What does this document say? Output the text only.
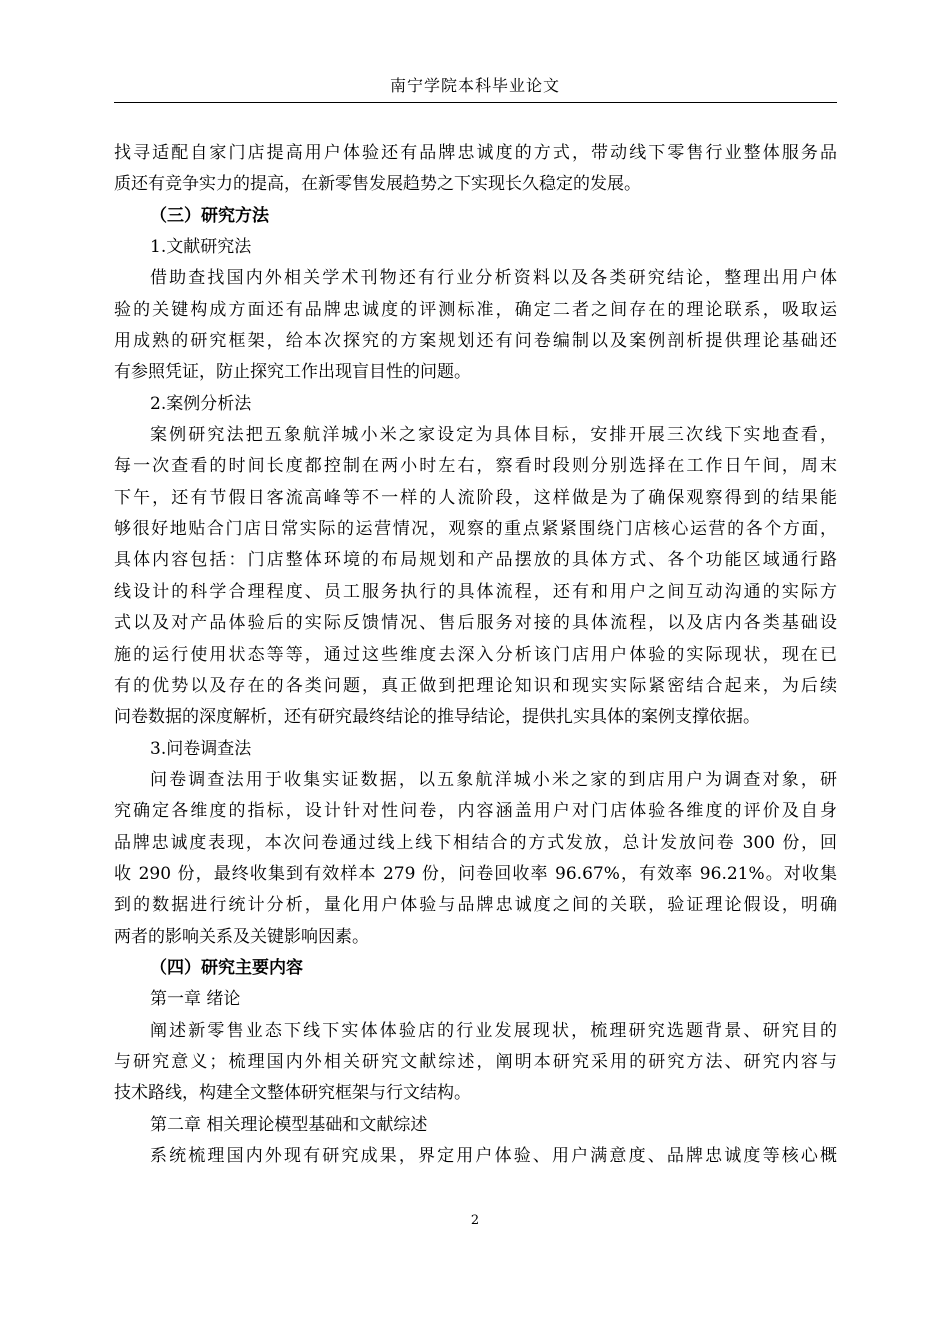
南宁学院本科毕业论文
找寻适配自家门店提高用户体验还有品牌忠诚度的方式，带动线下零售行业整体服务品
质还有竞争实力的提高，在新零售发展趋势之下实现长久稳定的发展。
（三）研究方法
1.文献研究法
借助查找国内外相关学术刊物还有行业分析资料以及各类研究结论，整理出用户体
验的关键构成方面还有品牌忠诚度的评测标准，确定二者之间存在的理论联系，吸取运
用成熟的研究框架，给本次探究的方案规划还有问卷编制以及案例剖析提供理论基础还
有参照凭证，防止探究工作出现盲目性的问题。
2.案例分析法
案例研究法把五象航洋城小米之家设定为具体目标，安排开展三次线下实地查看，
每一次查看的时间长度都控制在两小时左右，察看时段则分别选择在工作日午间，周末
下午，还有节假日客流高峰等不一样的人流阶段，这样做是为了确保观察得到的结果能
够很好地贴合门店日常实际的运营情况，观察的重点紧紧围绕门店核心运营的各个方面，
具体内容包括：门店整体环境的布局规划和产品摆放的具体方式、各个功能区域通行路
线设计的科学合理程度、员工服务执行的具体流程，还有和用户之间互动沟通的实际方
式以及对产品体验后的实际反馈情况、售后服务对接的具体流程，以及店内各类基础设
施的运行使用状态等等，通过这些维度去深入分析该门店用户体验的实际现状，现在已
有的优势以及存在的各类问题，真正做到把理论知识和现实实际紧密结合起来，为后续
问卷数据的深度解析，还有研究最终结论的推导结论，提供扎实具体的案例支撑依据。
3.问卷调查法
问卷调查法用于收集实证数据，以五象航洋城小米之家的到店用户为调查对象，研
究确定各维度的指标，设计针对性问卷，内容涵盖用户对门店体验各维度的评价及自身
品牌忠诚度表现，本次问卷通过线上线下相结合的方式发放，总计发放问卷 300 份，回
收 290 份，最终收集到有效样本 279 份，问卷回收率 96.67%，有效率 96.21%。对收集
到的数据进行统计分析，量化用户体验与品牌忠诚度之间的关联，验证理论假设，明确
两者的影响关系及关键影响因素。
（四）研究主要内容
第一章 绪论
阐述新零售业态下线下实体体验店的行业发展现状，梳理研究选题背景、研究目的
与研究意义；梳理国内外相关研究文献综述，阐明本研究采用的研究方法、研究内容与
技术路线，构建全文整体研究框架与行文结构。
第二章 相关理论模型基础和文献综述
系统梳理国内外现有研究成果，界定用户体验、用户满意度、品牌忠诚度等核心概
2
